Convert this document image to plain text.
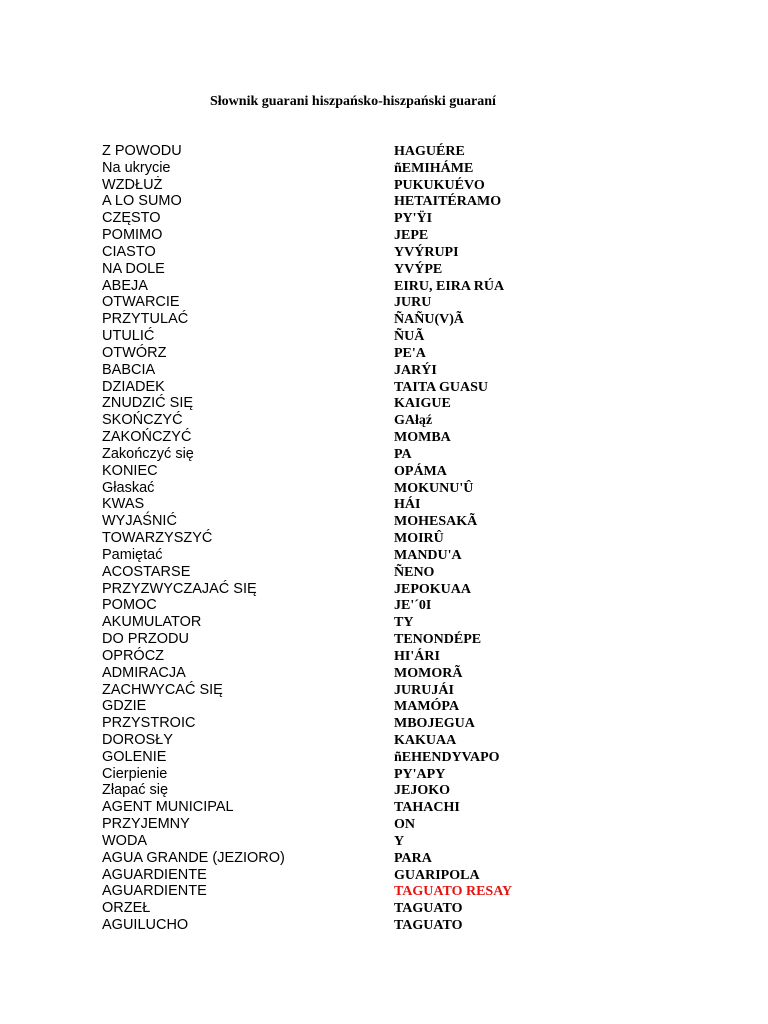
Słownik guarani hiszpańsko-hiszpański guaraní
Z POWODU	HAGUÉRE
Na ukrycie	ñEMIHÁME
WZDŁUŻ	PUKUKUÉVO
A LO SUMO	HETAITÉRAMO
CZĘSTO	PY'ŸI
POMIMO	JEPE
CIASTO	YVÝRUPI
NA DOLE	YVÝPE
ABEJA	EIRU, EIRA RÚA
OTWARCIE	JURU
PRZYTULAĆ	ÑAÑU(V)Ã
UTULIĆ	ÑUÃ
OTWÓRZ	PE'A
BABCIA	JARÝI
DZIADEK	TAITA GUASU
ZNUDZIĆ SIĘ	KAIGUE
SKOŃCZYĆ	GAłąź
ZAKOŃCZYĆ	MOMBA
Zakończyć się	PA
KONIEC	OPÁMA
Głaskać	MOKUNU'Û
KWAS	HÁI
WYJAŚNIĆ	MOHESAKÃ
TOWARZYSZYĆ	MOIRÛ
Pamiętać	MANDU'A
ACOSTARSE	ÑENO
PRZYZWYCZAJAĆ SIĘ	JEPOKUAA
POMOC	JE'´0I
AKUMULATOR	TY
DO PRZODU	TENONDÉPE
OPRÓCZ	HI'ÁRI
ADMIRACJA	MOMORÃ
ZACHWYCAĆ SIĘ	JURUJÁI
GDZIE	MAMÓPA
PRZYSTROIC	MBOJEGUA
DOROSŁY	KAKUAA
GOLENIE	ñEHENDYVAPO
Cierpienie	PY'APY
Złapać się	JEJOKO
AGENT MUNICIPAL	TAHACHI
PRZYJEMNY	ON
WODA	Y
AGUA GRANDE (JEZIORO)	PARA
AGUARDIENTE	GUARIPOLA
AGUARDIENTE	TAGUATO RESAY
ORZEŁ	TAGUATO
AGUILUCHO	TAGUATO
